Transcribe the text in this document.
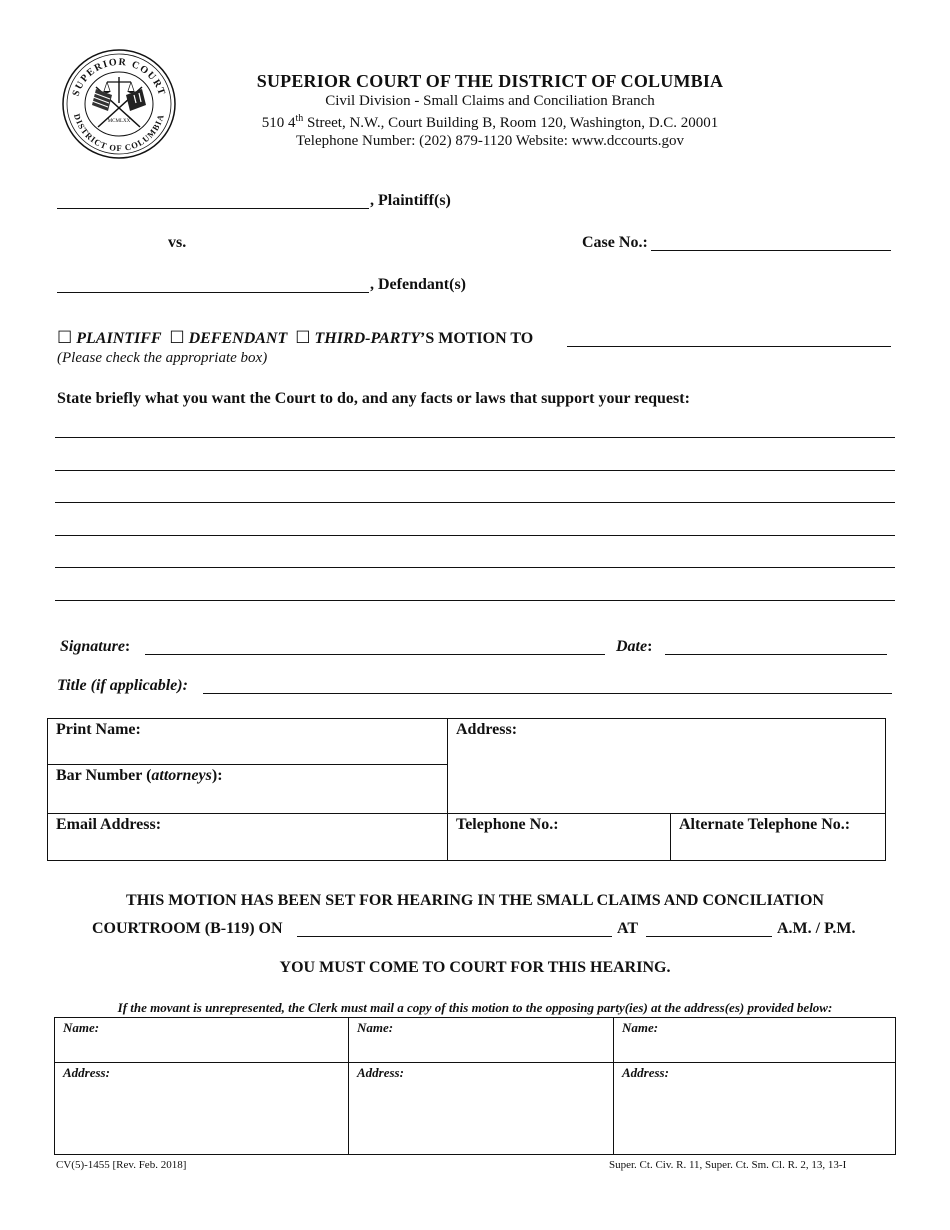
SUPERIOR COURT
DISTRICT OF COLUMBIA
MCMLXX
SUPERIOR COURT OF THE DISTRICT OF COLUMBIA
Civil Division - Small Claims and Conciliation Branch
510 4th Street, N.W., Court Building B, Room 120, Washington, D.C. 20001
Telephone Number: (202) 879-1120 Website: www.dccourts.gov
, Plaintiff(s)
vs.	Case No.:
, Defendant(s)
☐ PLAINTIFF ☐ DEFENDANT ☐ THIRD-PARTY’S MOTION TO
(Please check the appropriate box)
State briefly what you want the Court to do, and any facts or laws that support your request:
Signature:	Date:
Title (if applicable):
Print Name:	Address:	

Bar Number (attorneys):		

Email Address:	Telephone No.:	Alternate Telephone No.:
THIS MOTION HAS BEEN SET FOR HEARING IN THE SMALL CLAIMS AND CONCILIATION
COURTROOM (B-119) ON	AT	A.M. / P.M.
YOU MUST COME TO COURT FOR THIS HEARING.
If the movant is unrepresented, the Clerk must mail a copy of this motion to the opposing party(ies) at the address(es) provided below:
Name:	Name:	Name:

Address:	Address:	Address:
CV(5)-1455 [Rev. Feb. 2018]	Super. Ct. Civ. R. 11, Super. Ct. Sm. Cl. R. 2, 13, 13-I
